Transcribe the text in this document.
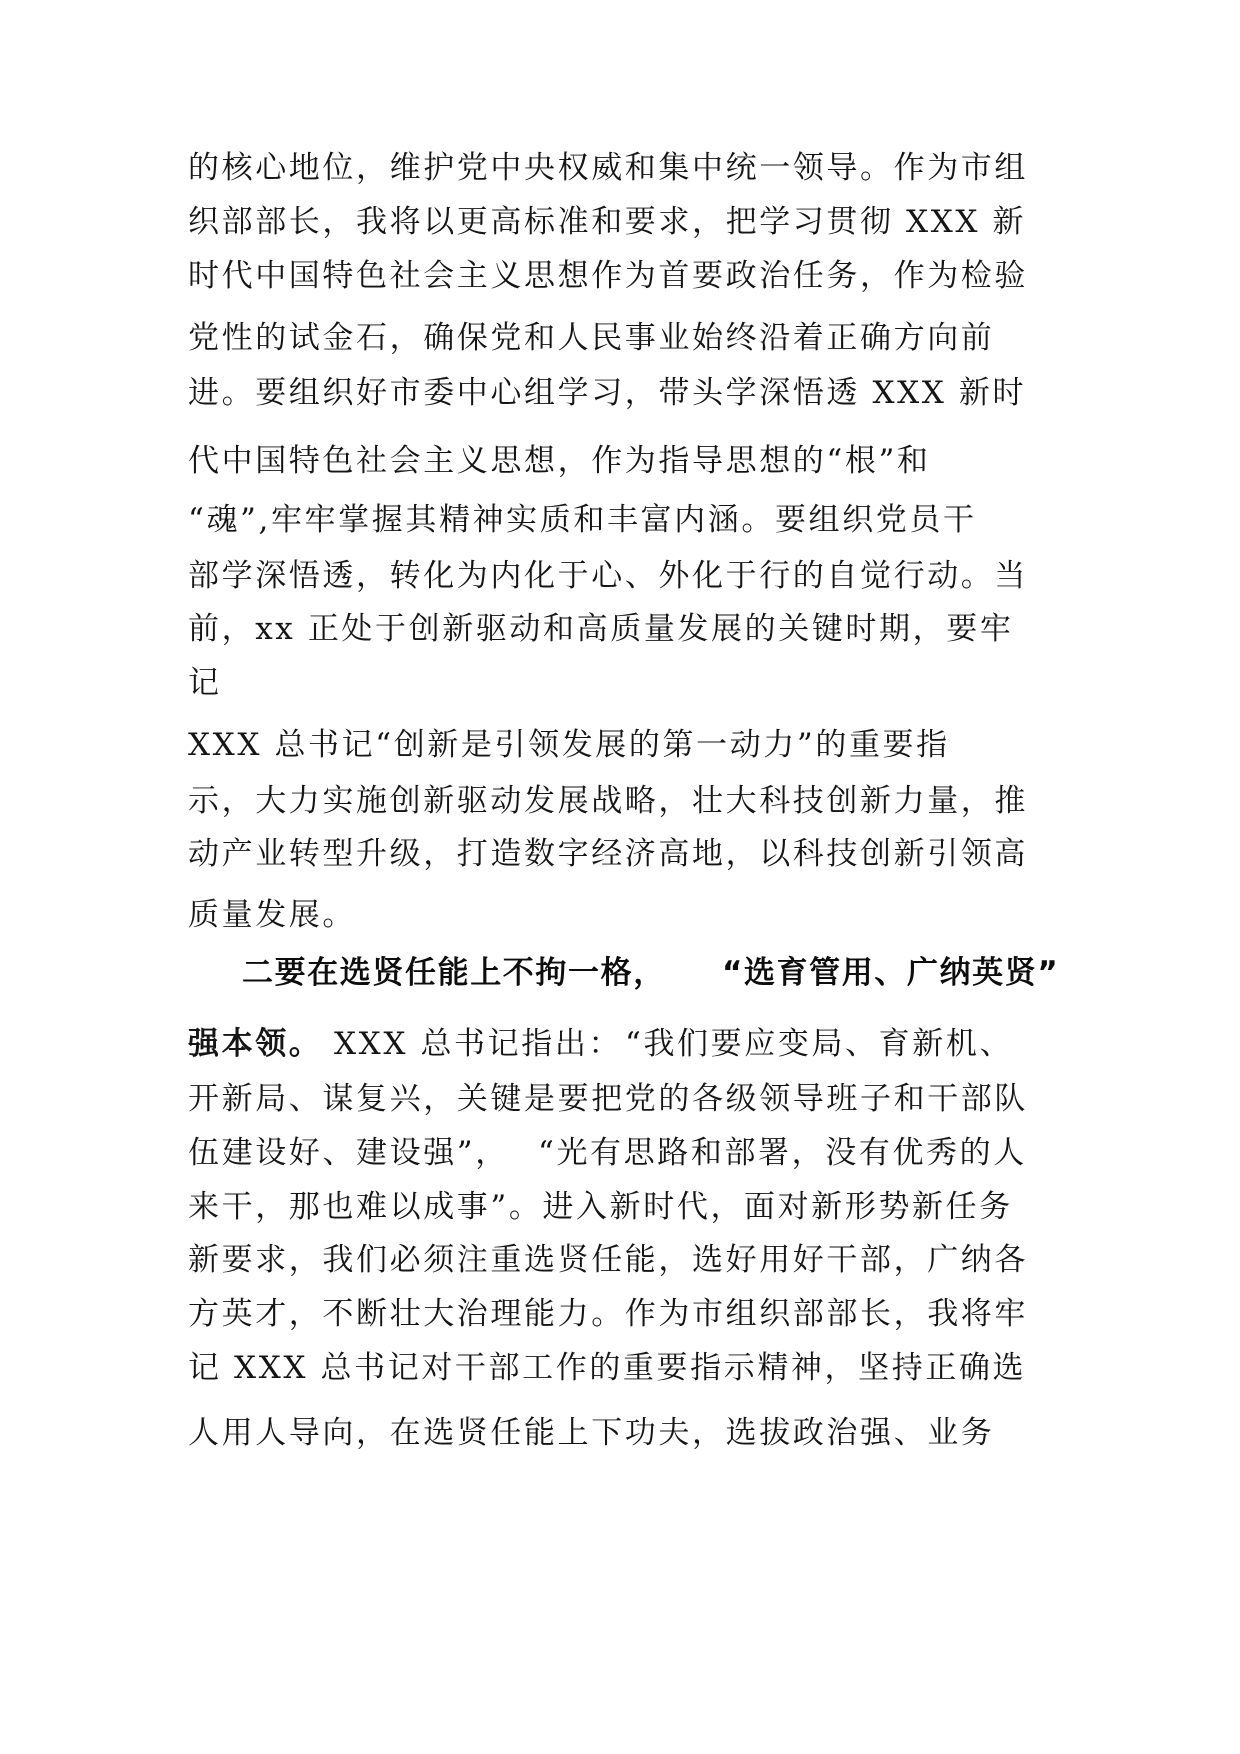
的核心地位，维护党中央权威和集中统一领导。作为市组
织部部长，我将以更高标准和要求，把学习贯彻 XXX 新
时代中国特色社会主义思想作为首要政治任务，作为检验
党性的试金石，确保党和人民事业始终沿着正确方向前
进。要组织好市委中心组学习，带头学深悟透 XXX 新时
代中国特色社会主义思想，作为指导思想的“根”和
“魂”,牢牢掌握其精神实质和丰富内涵。要组织党员干
部学深悟透，转化为内化于心、外化于行的自觉行动。当
前，xx 正处于创新驱动和高质量发展的关键时期，要牢
记
XXX 总书记“创新是引领发展的第一动力”的重要指
示，大力实施创新驱动发展战略，壮大科技创新力量，推
动产业转型升级，打造数字经济高地，以科技创新引领高
质量发展。
二要在选贤任能上不拘一格， “选育管用、广纳英贤”
强本领。 XXX 总书记指出： “我们要应变局、育新机、
开新局、谋复兴，关键是要把党的各级领导班子和干部队
伍建设好、建设强”， “光有思路和部署，没有优秀的人
来干，那也难以成事”。进入新时代，面对新形势新任务
新要求，我们必须注重选贤任能，选好用好干部，广纳各
方英才，不断壮大治理能力。作为市组织部部长，我将牢
记 XXX 总书记对干部工作的重要指示精神，坚持正确选
人用人导向，在选贤任能上下功夫，选拔政治强、业务
